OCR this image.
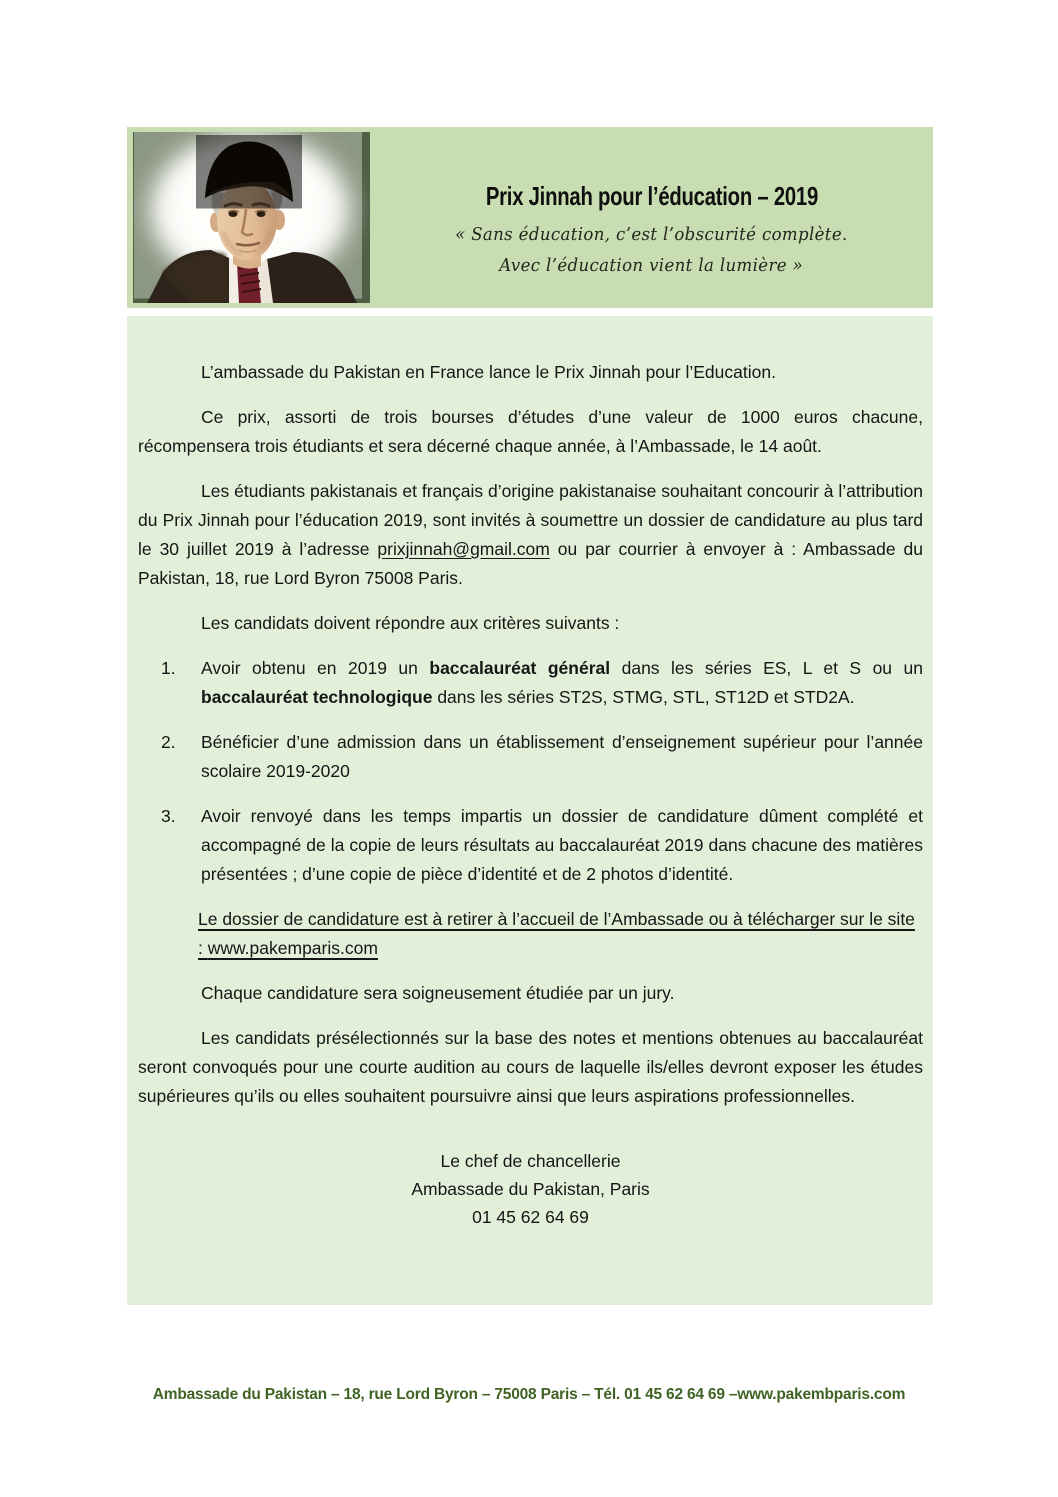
Prix Jinnah pour l’éducation – 2019
« Sans éducation, c’est l’obscurité complète.
Avec l’éducation vient la lumière »

L’ambassade du Pakistan en France lance le Prix Jinnah pour l’Education.

Ce prix, assorti de trois bourses d’études d’une valeur de 1000 euros chacune, récompensera trois étudiants et sera décerné chaque année, à l’Ambassade, le 14 août.

Les étudiants pakistanais et français d’origine pakistanaise souhaitant concourir à l’attribution du Prix Jinnah pour l’éducation 2019, sont invités à soumettre un dossier de candidature au plus tard le 30 juillet 2019 à l’adresse prixjinnah@gmail.com ou par courrier à envoyer à : Ambassade du Pakistan, 18, rue Lord Byron 75008 Paris.

Les candidats doivent répondre aux critères suivants :

1. Avoir obtenu en 2019 un baccalauréat général dans les séries ES, L et S ou un baccalauréat technologique dans les séries ST2S, STMG, STL, ST12D et STD2A.
2. Bénéficier d’une admission dans un établissement d’enseignement supérieur pour l’année scolaire 2019-2020
3. Avoir renvoyé dans les temps impartis un dossier de candidature dûment complété et accompagné de la copie de leurs résultats au baccalauréat 2019 dans chacune des matières présentées ; d’une copie de pièce d’identité et de 2 photos d’identité.
Le dossier de candidature est à retirer à l’accueil de l’Ambassade ou à télécharger sur le site : www.pakemparis.com

Chaque candidature sera soigneusement étudiée par un jury.

Les candidats présélectionnés sur la base des notes et mentions obtenues au baccalauréat seront convoqués pour une courte audition au cours de laquelle ils/elles devront exposer les études supérieures qu’ils ou elles souhaitent poursuivre ainsi que leurs aspirations professionnelles.

Le chef de chancellerie
Ambassade du Pakistan, Paris
01 45 62 64 69
Ambassade du Pakistan – 18, rue Lord Byron – 75008 Paris – Tél. 01 45 62 64 69 –www.pakembparis.com
